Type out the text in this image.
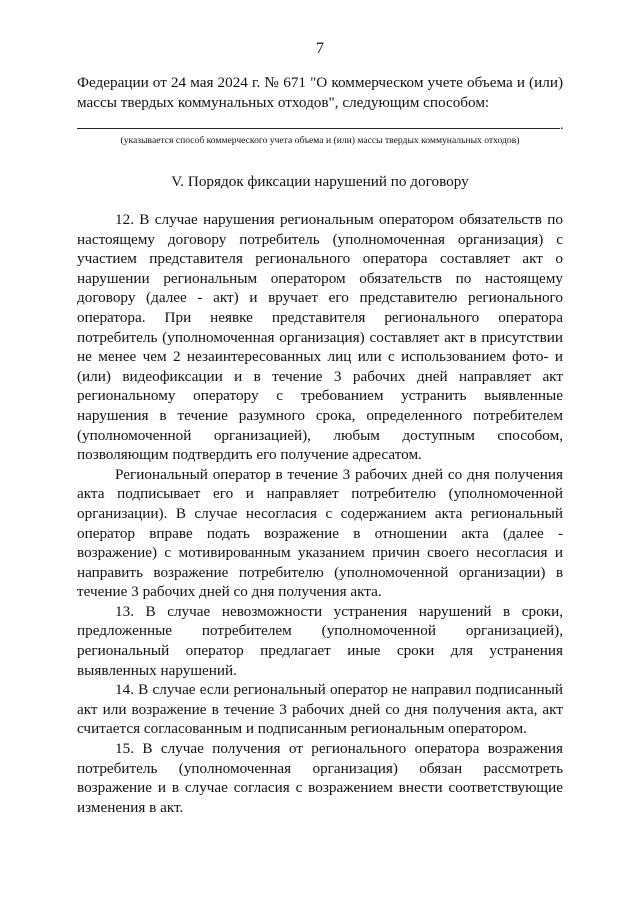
7
Федерации от 24 мая 2024 г. № 671 "О коммерческом учете объема и (или) массы твердых коммунальных отходов", следующим способом:
.
(указывается способ коммерческого учета объема и (или) массы твердых коммунальных отходов)
V. Порядок фиксации нарушений по договору

12. В случае нарушения региональным оператором обязательств по настоящему договору потребитель (уполномоченная организация) с участием представителя регионального оператора составляет акт о нарушении региональным оператором обязательств по настоящему договору (далее - акт) и вручает его представителю регионального оператора. При неявке представителя регионального оператора потребитель (уполномоченная организация) составляет акт в присутствии не менее чем 2 незаинтересованных лиц или с использованием фото- и (или) видеофиксации и в течение 3 рабочих дней направляет акт региональному оператору с требованием устранить выявленные нарушения в течение разумного срока, определенного потребителем (уполномоченной организацией), любым доступным способом, позволяющим подтвердить его получение адресатом.

Региональный оператор в течение 3 рабочих дней со дня получения акта подписывает его и направляет потребителю (уполномоченной организации). В случае несогласия с содержанием акта региональный оператор вправе подать возражение в отношении акта (далее - возражение) с мотивированным указанием причин своего несогласия и направить возражение потребителю (уполномоченной организации) в течение 3 рабочих дней со дня получения акта.

13. В случае невозможности устранения нарушений в сроки, предложенные потребителем (уполномоченной организацией), региональный оператор предлагает иные сроки для устранения выявленных нарушений.

14. В случае если региональный оператор не направил подписанный акт или возражение в течение 3 рабочих дней со дня получения акта, акт считается согласованным и подписанным региональным оператором.

15. В случае получения от регионального оператора возражения потребитель (уполномоченная организация) обязан рассмотреть возражение и в случае согласия с возражением внести соответствующие изменения в акт.
